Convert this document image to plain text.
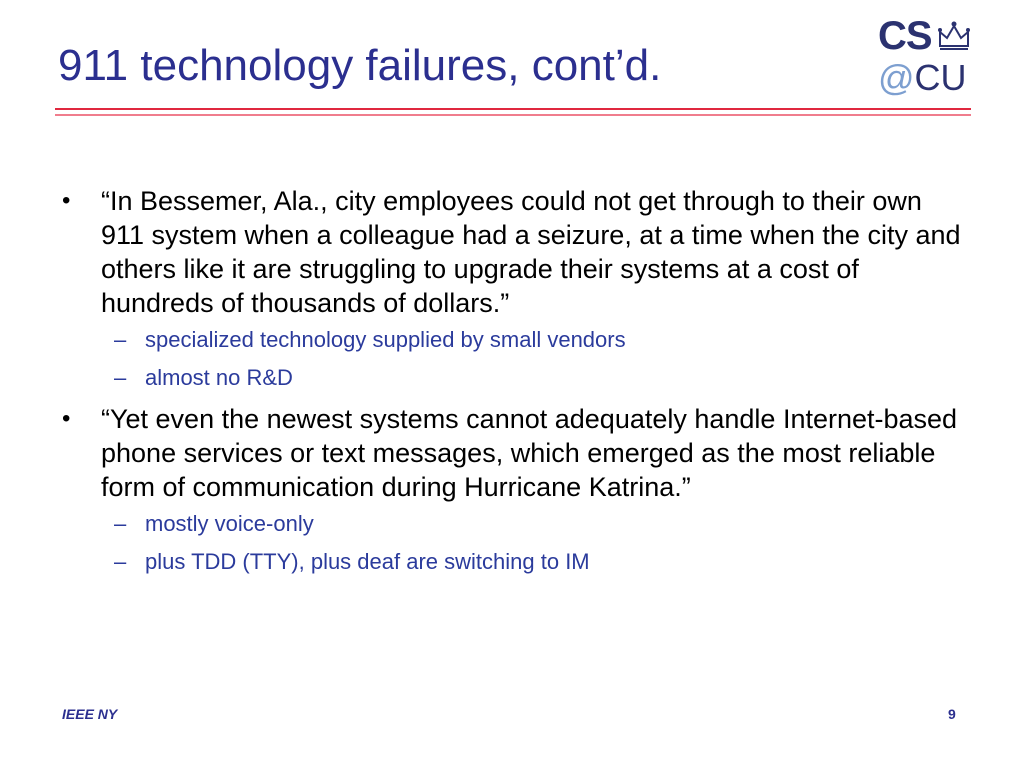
911 technology failures, cont’d.
CS
@CU
• “In Bessemer, Ala., city employees could not get through to their own 911 system when a colleague had a seizure, at a time when the city and others like it are struggling to upgrade their systems at a cost of hundreds of thousands of dollars.”
– specialized technology supplied by small vendors
– almost no R&D
• “Yet even the newest systems cannot adequately handle Internet-based phone services or text messages, which emerged as the most reliable form of communication during Hurricane Katrina.”
– mostly voice-only
– plus TDD (TTY), plus deaf are switching to IM
IEEE NY	9
